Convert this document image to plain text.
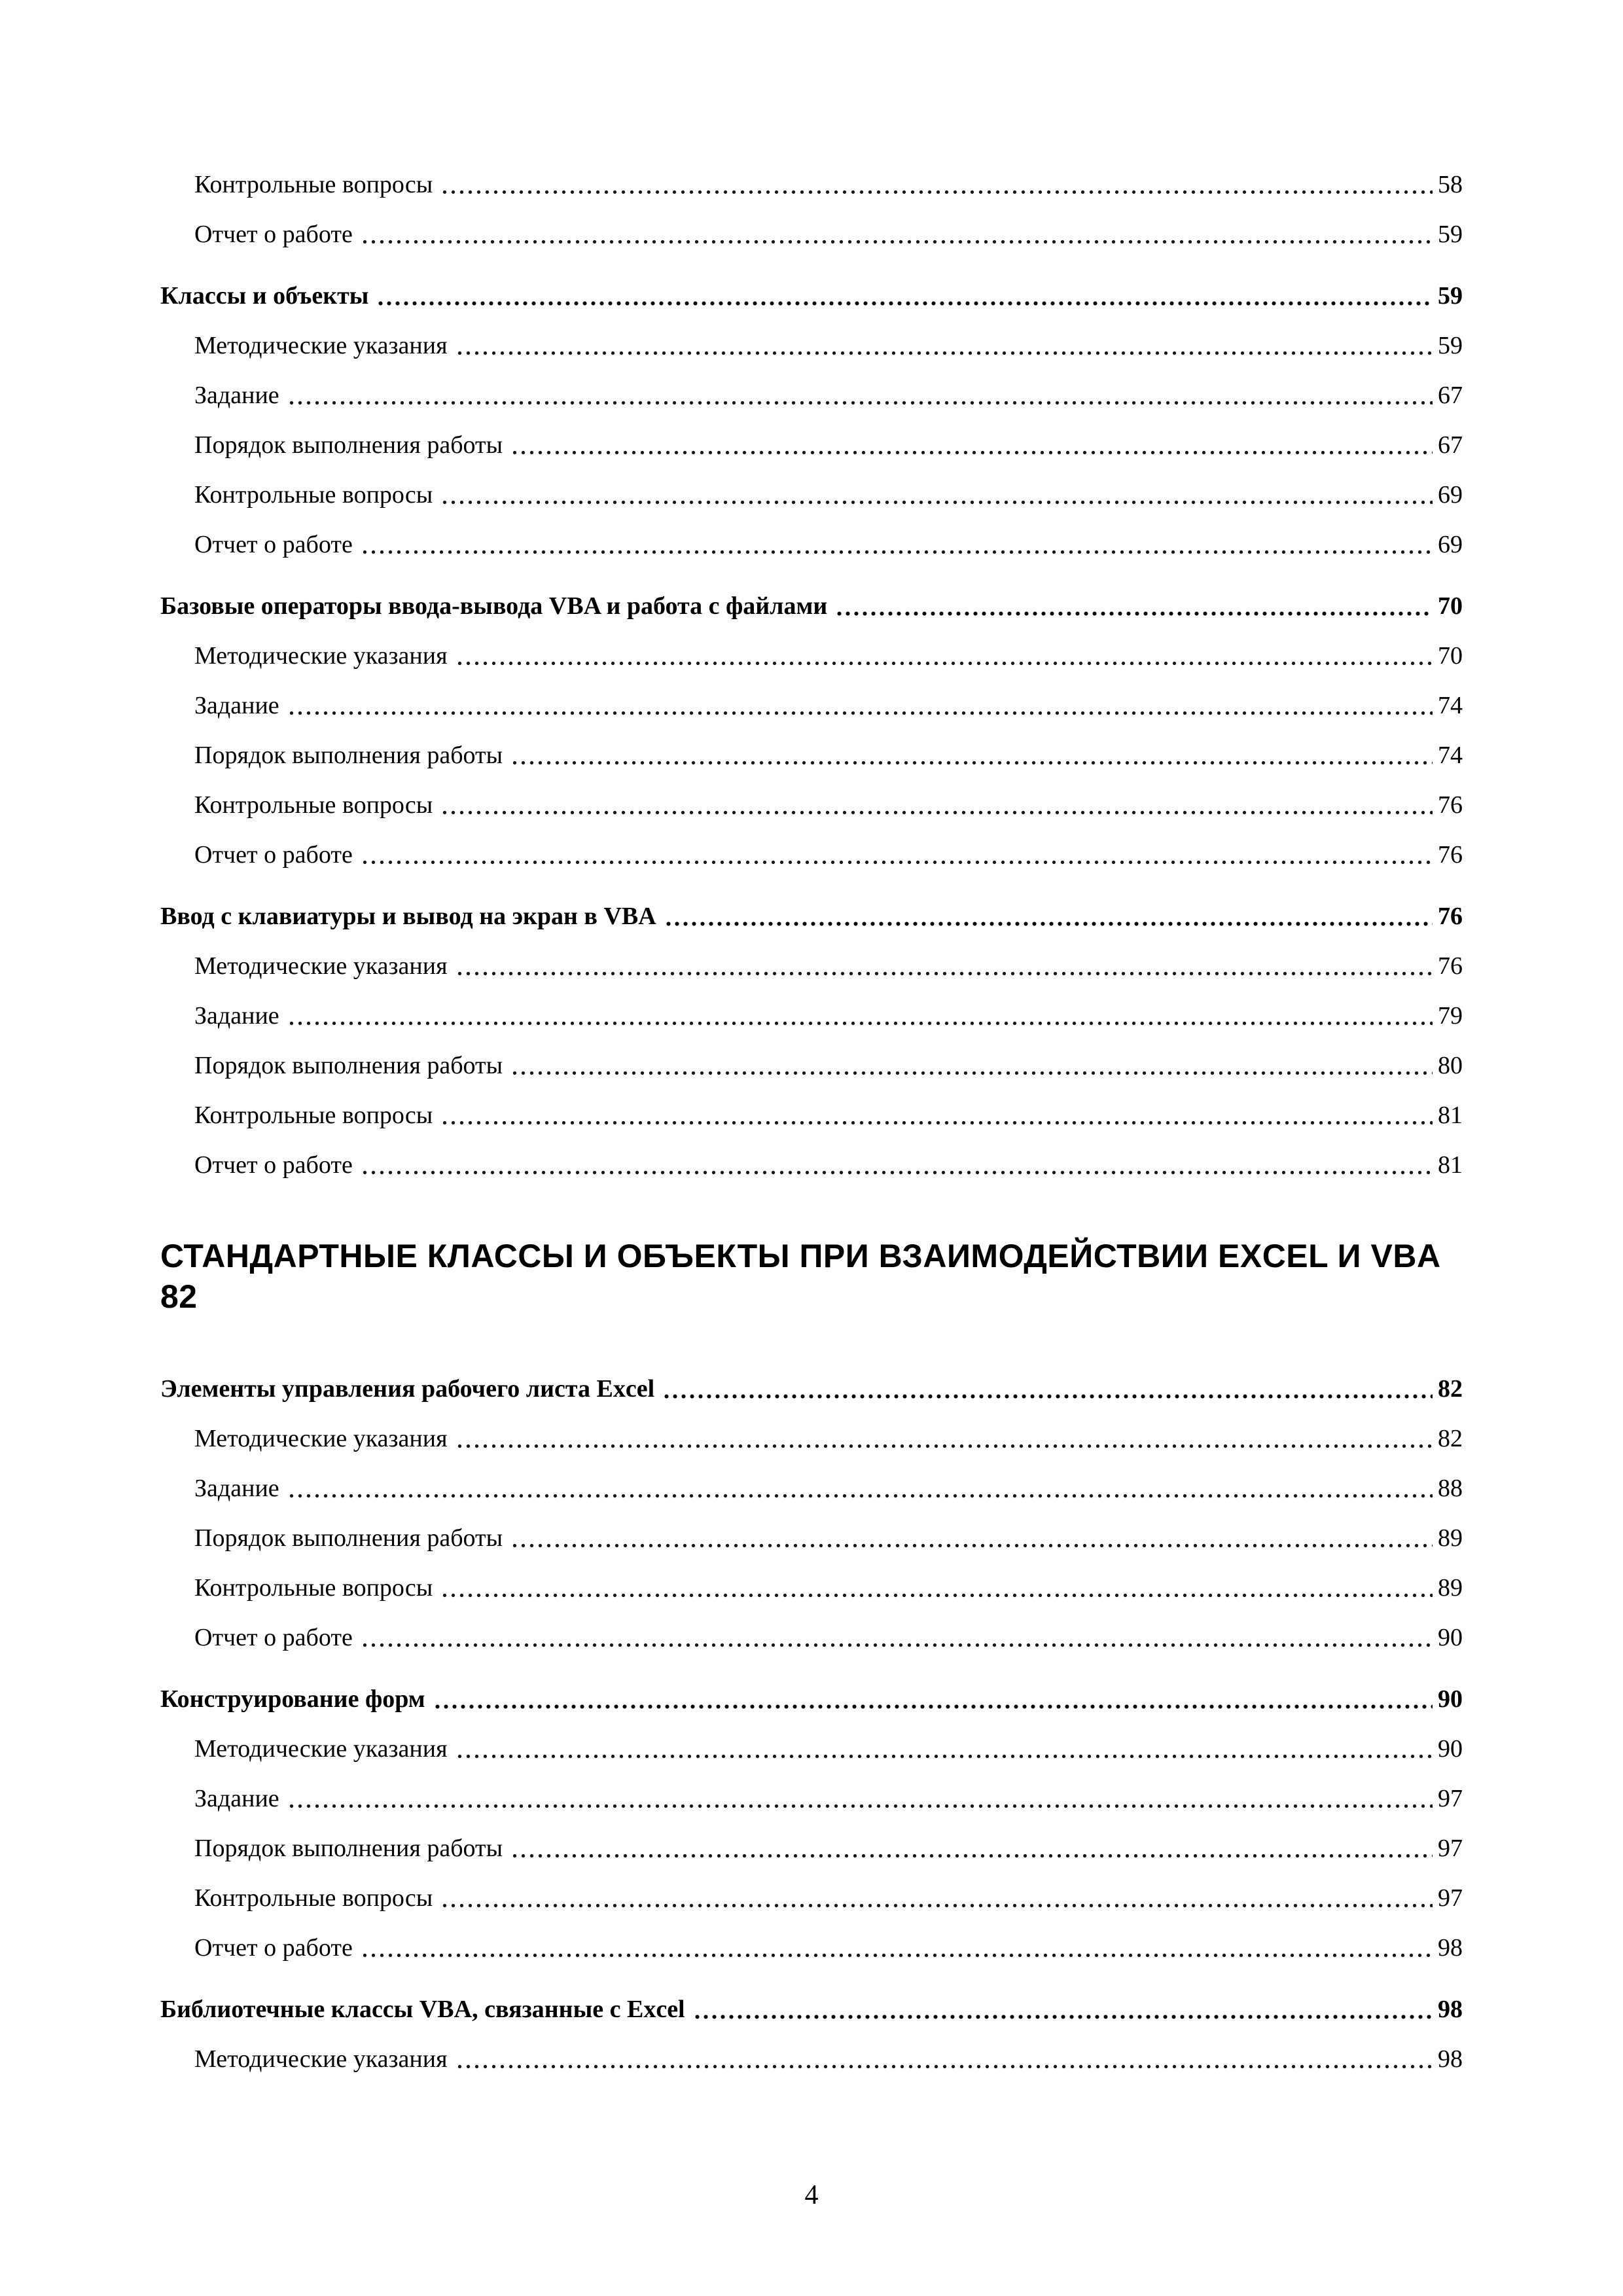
Контрольные вопросы	58
Отчет о работе	59
Классы и объекты	59
Методические указания	59
Задание	67
Порядок выполнения работы	67
Контрольные вопросы	69
Отчет о работе	69
Базовые операторы ввода-вывода VBA и работа с файлами	70
Методические указания	70
Задание	74
Порядок выполнения работы	74
Контрольные вопросы	76
Отчет о работе	76
Ввод с клавиатуры и вывод на экран в VBA	76
Методические указания	76
Задание	79
Порядок выполнения работы	80
Контрольные вопросы	81
Отчет о работе	81
СТАНДАРТНЫЕ КЛАССЫ И ОБЪЕКТЫ ПРИ ВЗАИМОДЕЙСТВИИ EXCEL И VBA 82
Элементы управления рабочего листа Excel	82
Методические указания	82
Задание	88
Порядок выполнения работы	89
Контрольные вопросы	89
Отчет о работе	90
Конструирование форм	90
Методические указания	90
Задание	97
Порядок выполнения работы	97
Контрольные вопросы	97
Отчет о работе	98
Библиотечные классы VBA, связанные с Excel	98
Методические указания	98
4
